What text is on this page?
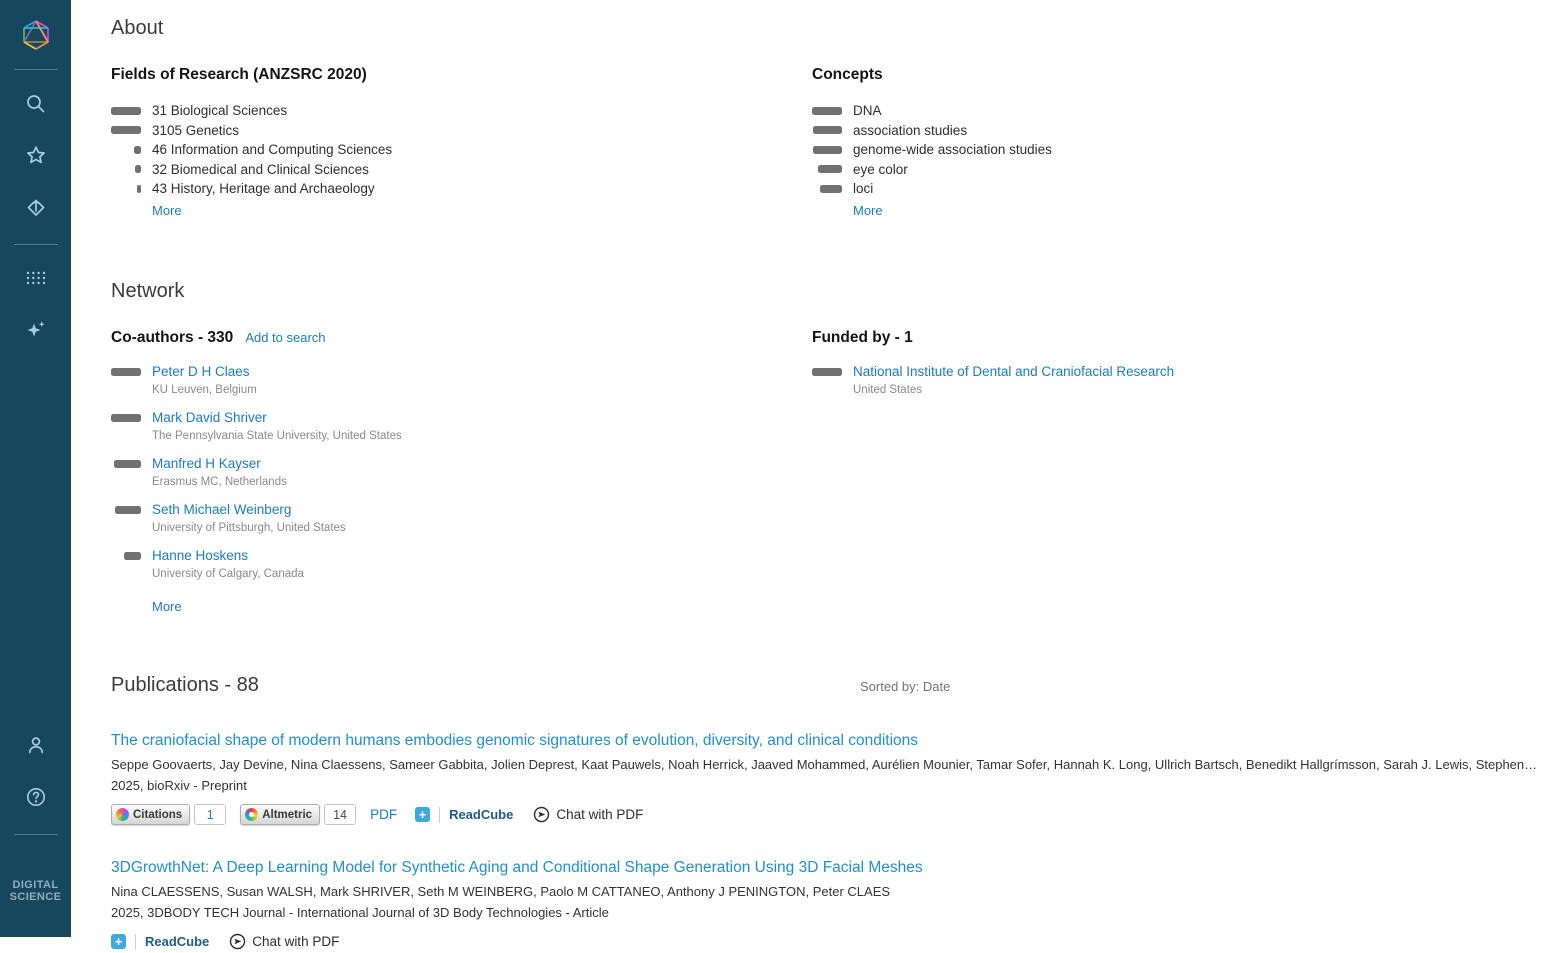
DIGITAL
SCIENCE
About
Fields of Research (ANZSRC 2020)
31 Biological Sciences
3105 Genetics
46 Information and Computing Sciences
32 Biomedical and Clinical Sciences
43 History, Heritage and Archaeology
More
Concepts
DNA
association studies
genome-wide association studies
eye color
loci
More
Network
Co-authors - 330 Add to search
Peter D H Claes
KU Leuven, Belgium
Mark David Shriver
The Pennsylvania State University, United States
Manfred H Kayser
Erasmus MC, Netherlands
Seth Michael Weinberg
University of Pittsburgh, United States
Hanne Hoskens
University of Calgary, Canada
More
Funded by - 1
National Institute of Dental and Craniofacial Research
United States
Publications - 88	Sorted by: Date
The craniofacial shape of modern humans embodies genomic signatures of evolution, diversity, and clinical conditions
Seppe Goovaerts, Jay Devine, Nina Claessens, Sameer Gabbita, Jolien Deprest, Kaat Pauwels, Noah Herrick, Jaaved Mohammed, Aurélien Mounier, Tamar Sofer, Hannah K. Long, Ullrich Bartsch, Benedikt Hallgrímsson, Sarah J. Lewis, Stephen…
2025, bioRxiv - Preprint
Citations	1	Altmetric	14	PDF + ReadCube	Chat with PDF
3DGrowthNet: A Deep Learning Model for Synthetic Aging and Conditional Shape Generation Using 3D Facial Meshes
Nina CLAESSENS, Susan WALSH, Mark SHRIVER, Seth M WEINBERG, Paolo M CATTANEO, Anthony J PENINGTON, Peter CLAES
2025, 3DBODY TECH Journal - International Journal of 3D Body Technologies - Article
+ ReadCube	Chat with PDF
